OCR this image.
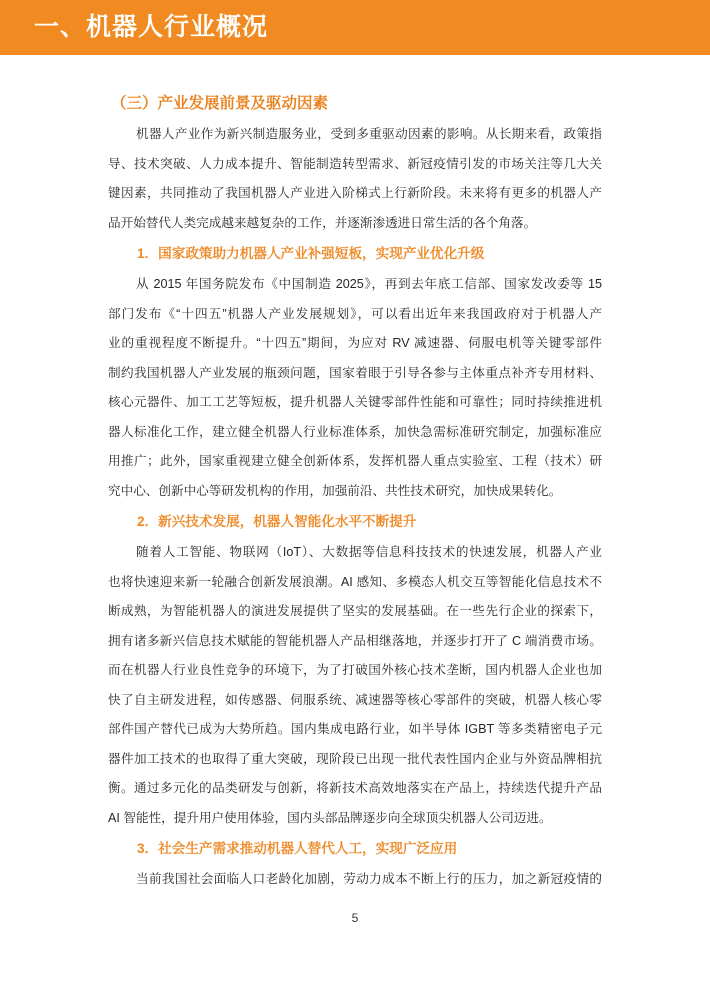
一、机器人行业概况
（三）产业发展前景及驱动因素
机器人产业作为新兴制造服务业，受到多重驱动因素的影响。从长期来看，政策指
导、技术突破、人力成本提升、智能制造转型需求、新冠疫情引发的市场关注等几大关
键因素，共同推动了我国机器人产业进入阶梯式上行新阶段。未来将有更多的机器人产
品开始替代人类完成越来越复杂的工作，并逐渐渗透进日常生活的各个角落。
1．国家政策助力机器人产业补强短板，实现产业优化升级
从 2015 年国务院发布《中国制造 2025》，再到去年底工信部、国家发改委等 15
部门发布《“十四五”机器人产业发展规划》，可以看出近年来我国政府对于机器人产
业的重视程度不断提升。“十四五”期间，为应对 RV 减速器、伺服电机等关键零部件
制约我国机器人产业发展的瓶颈问题，国家着眼于引导各参与主体重点补齐专用材料、
核心元器件、加工工艺等短板，提升机器人关键零部件性能和可靠性；同时持续推进机
器人标准化工作，建立健全机器人行业标准体系，加快急需标准研究制定，加强标准应
用推广；此外，国家重视建立健全创新体系，发挥机器人重点实验室、工程（技术）研
究中心、创新中心等研发机构的作用，加强前沿、共性技术研究，加快成果转化。
2．新兴技术发展，机器人智能化水平不断提升
随着人工智能、物联网（IoT）、大数据等信息科技技术的快速发展，机器人产业
也将快速迎来新一轮融合创新发展浪潮。AI 感知、多模态人机交互等智能化信息技术不
断成熟，为智能机器人的演进发展提供了坚实的发展基础。在一些先行企业的探索下，
拥有诸多新兴信息技术赋能的智能机器人产品相继落地，并逐步打开了 C 端消费市场。
而在机器人行业良性竞争的环境下，为了打破国外核心技术垄断，国内机器人企业也加
快了自主研发进程，如传感器、伺服系统、减速器等核心零部件的突破，机器人核心零
部件国产替代已成为大势所趋。国内集成电路行业，如半导体 IGBT 等多类精密电子元
器件加工技术的也取得了重大突破，现阶段已出现一批代表性国内企业与外资品牌相抗
衡。通过多元化的品类研发与创新，将新技术高效地落实在产品上，持续迭代提升产品
AI 智能性，提升用户使用体验，国内头部品牌逐步向全球顶尖机器人公司迈进。
3．社会生产需求推动机器人替代人工，实现广泛应用
当前我国社会面临人口老龄化加剧，劳动力成本不断上行的压力，加之新冠疫情的
5
